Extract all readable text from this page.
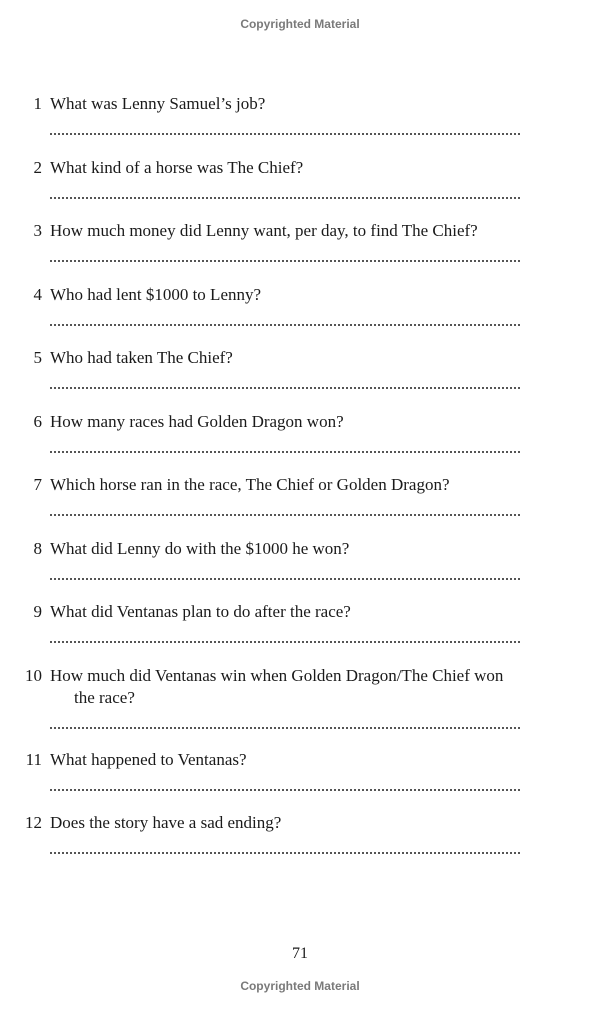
Copyrighted Material
1 What was Lenny Samuel’s job?
2 What kind of a horse was The Chief?
3 How much money did Lenny want, per day, to find The Chief?
4 Who had lent $1000 to Lenny?
5 Who had taken The Chief?
6 How many races had Golden Dragon won?
7 Which horse ran in the race, The Chief or Golden Dragon?
8 What did Lenny do with the $1000 he won?
9 What did Ventanas plan to do after the race?
10 How much did Ventanas win when Golden Dragon/The Chief won the race?
11 What happened to Ventanas?
12 Does the story have a sad ending?
71
Copyrighted Material
